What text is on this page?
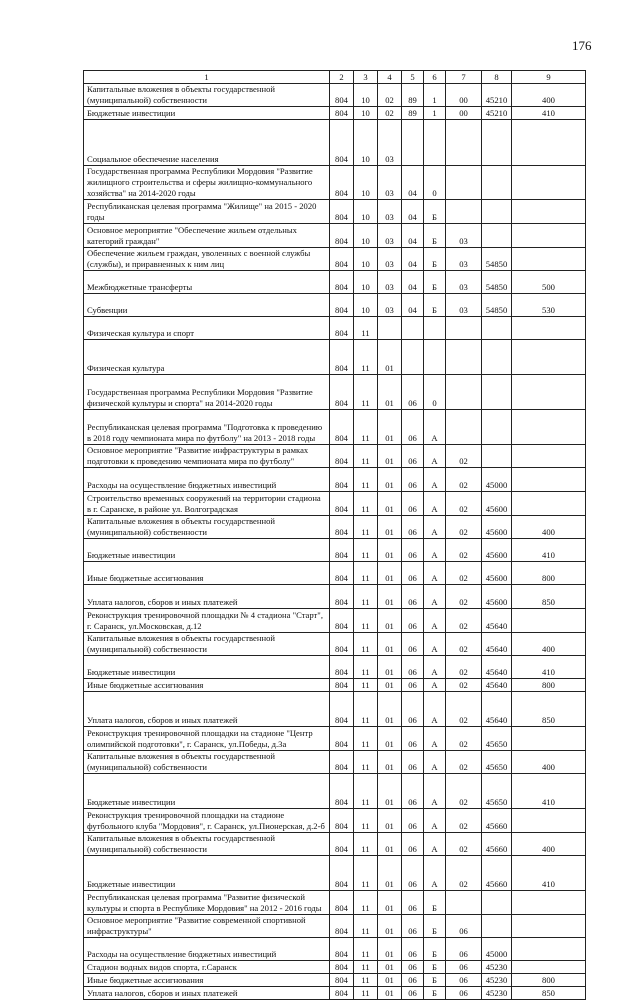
176
1	2	3	4	5	6	7	8	9	
Капитальные вложения в объекты государственной (муниципальной) собственности	804	10	02	89	1	00	45210	400	
Бюджетные инвестиции	804	10	02	89	1	00	45210	410	
Социальное обеспечение населения	804	10	03						
Государственная программа Республики Мордовия "Развитие жилищного строительства и сферы жилищно-коммунального хозяйства" на 2014-2020 годы	804	10	03	04	0				
Республиканская целевая программа "Жилище" на 2015 - 2020 годы	804	10	03	04	Б				
Основное мероприятие "Обеспечение жильем отдельных категорий граждан"	804	10	03	04	Б	03			
Обеспечение жильем граждан, уволенных с военной службы (службы), и приравненных к ним лиц	804	10	03	04	Б	03	54850		
Межбюджетные трансферты	804	10	03	04	Б	03	54850	500	
Субвенции	804	10	03	04	Б	03	54850	530	
Физическая культура и спорт	804	11							
Физическая культура	804	11	01						
Государственная программа Республики Мордовия "Развитие физической культуры и спорта" на 2014-2020 годы	804	11	01	06	0				
Республиканская целевая программа "Подготовка к проведению в 2018 году чемпионата мира по футболу" на 2013 - 2018 годы	804	11	01	06	А				
Основное мероприятие "Развитие инфраструктуры в рамках подготовки к проведению чемпионата мира по футболу"	804	11	01	06	А	02			
Расходы на осуществление бюджетных инвестиций	804	11	01	06	А	02	45000		
Строительство временных сооружений на территории стадиона в г. Саранске, в районе ул. Волгоградская	804	11	01	06	А	02	45600		
Капитальные вложения в объекты государственной (муниципальной) собственности	804	11	01	06	А	02	45600	400	
Бюджетные инвестиции	804	11	01	06	А	02	45600	410	
Иные бюджетные ассигнования	804	11	01	06	А	02	45600	800	
Уплата налогов, сборов и иных платежей	804	11	01	06	А	02	45600	850	
Реконструкция тренировочной площадки № 4 стадиона "Старт", г. Саранск, ул.Московская, д.12	804	11	01	06	А	02	45640		
Капитальные вложения в объекты государственной (муниципальной) собственности	804	11	01	06	А	02	45640	400	
Бюджетные инвестиции	804	11	01	06	А	02	45640	410	
Иные бюджетные ассигнования	804	11	01	06	А	02	45640	800	
Уплата налогов, сборов и иных платежей	804	11	01	06	А	02	45640	850	
Реконструкция тренировочной площадки на стадионе "Центр олимпийской подготовки", г. Саранск, ул.Победы, д.3а	804	11	01	06	А	02	45650		
Капитальные вложения в объекты государственной (муниципальной) собственности	804	11	01	06	А	02	45650	400	
Бюджетные инвестиции	804	11	01	06	А	02	45650	410	
Реконструкция тренировочной площадки на стадионе футбольного клуба "Мордовия", г. Саранск, ул.Пионерская, д.2-б	804	11	01	06	А	02	45660		
Капитальные вложения в объекты государственной (муниципальной) собственности	804	11	01	06	А	02	45660	400	
Бюджетные инвестиции	804	11	01	06	А	02	45660	410	
Республиканская целевая программа "Развитие физической культуры и спорта в Республике Мордовия" на 2012 - 2016 годы	804	11	01	06	Б				
Основное мероприятие "Развитие современной спортивной инфраструктуры"	804	11	01	06	Б	06			
Расходы на осуществление бюджетных инвестиций	804	11	01	06	Б	06	45000		
Стадион водных видов спорта, г.Саранск	804	11	01	06	Б	06	45230		
Иные бюджетные ассигнования	804	11	01	06	Б	06	45230	800	
Уплата налогов, сборов и иных платежей	804	11	01	06	Б	06	45230	850	
